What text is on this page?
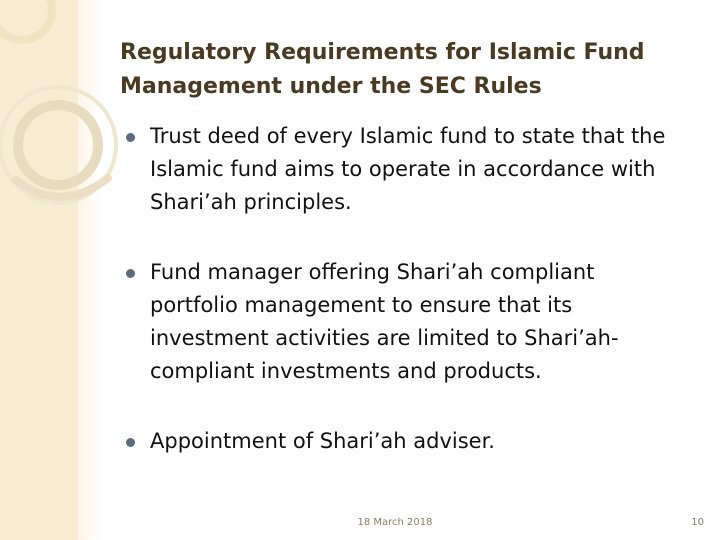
Regulatory Requirements for Islamic Fund
Management under the SEC Rules
Trust deed of every Islamic fund to state that the Islamic fund aims to operate in accordance with Shari’ah principles.
Fund manager offering Shari’ah compliant portfolio management to ensure that its investment activities are limited to Shari’ah-compliant investments and products.
Appointment of Shari’ah adviser.
18 March 2018	10
